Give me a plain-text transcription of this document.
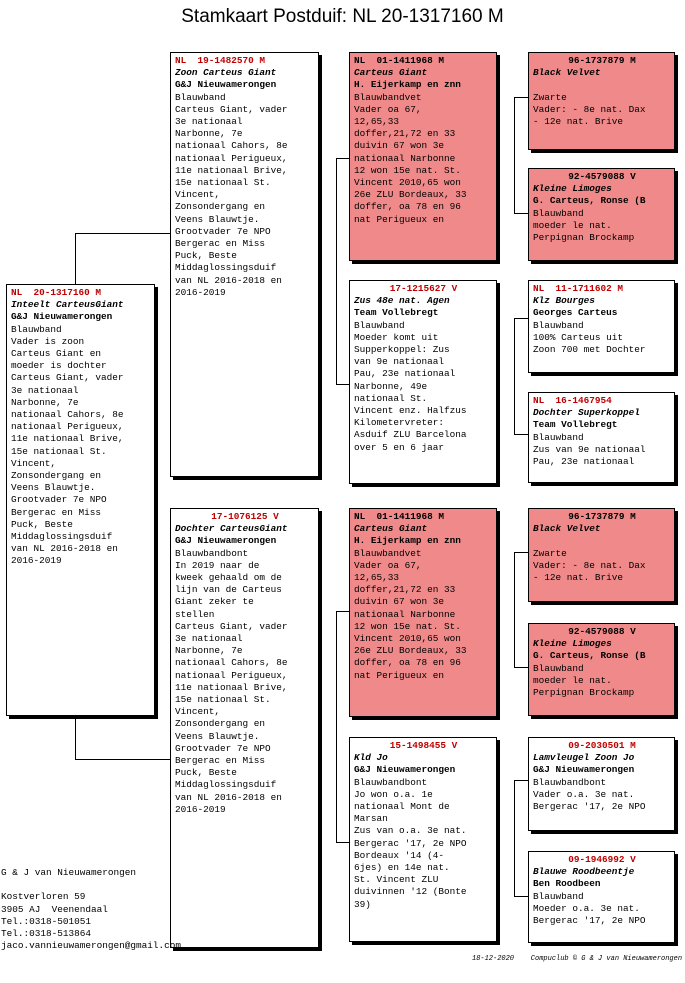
Stamkaart Postduif: NL 20-1317160 M
NL  20-1317160 M
Inteelt CarteusGiant
G&J Nieuwamerongen
Blauwband
Vader is zoon
Carteus Giant en
moeder is dochter
Carteus Giant, vader
3e nationaal
Narbonne, 7e
nationaal Cahors, 8e
nationaal Perigueux,
11e nationaal Brive,
15e nationaal St.
Vincent,
Zonsondergang en
Veens Blauwtje.
Grootvader 7e NPO
Bergerac en Miss
Puck, Beste
Middaglossingsduif
van NL 2016-2018 en
2016-2019
NL  19-1482570 M
Zoon Carteus Giant
G&J Nieuwamerongen
Blauwband
Carteus Giant, vader
3e nationaal
Narbonne, 7e
nationaal Cahors, 8e
nationaal Perigueux,
11e nationaal Brive,
15e nationaal St.
Vincent,
Zonsondergang en
Veens Blauwtje.
Grootvader 7e NPO
Bergerac en Miss
Puck, Beste
Middaglossingsduif
van NL 2016-2018 en
2016-2019
17-1076125 V
Dochter CarteusGiant
G&J Nieuwamerongen
Blauwbandbont
In 2019 naar de
kweek gehaald om de
lijn van de Carteus
Giant zeker te
stellen
Carteus Giant, vader
3e nationaal
Narbonne, 7e
nationaal Cahors, 8e
nationaal Perigueux,
11e nationaal Brive,
15e nationaal St.
Vincent,
Zonsondergang en
Veens Blauwtje.
Grootvader 7e NPO
Bergerac en Miss
Puck, Beste
Middaglossingsduif
van NL 2016-2018 en
2016-2019
NL  01-1411968 M
Carteus Giant
H. Eijerkamp en znn
Blauwbandvet
Vader oa 67,
12,65,33
doffer,21,72 en 33
duivin 67 won 3e
nationaal Narbonne
12 won 15e nat. St.
Vincent 2010,65 won
26e ZLU Bordeaux, 33
doffer, oa 78 en 96
nat Perigueux en
17-1215627 V
Zus 48e nat. Agen
Team Vollebregt
Blauwband
Moeder komt uit
Supperkoppel: Zus
van 9e nationaal
Pau, 23e nationaal
Narbonne, 49e
nationaal St.
Vincent enz. Halfzus
Kilometervreter:
Asduif ZLU Barcelona
over 5 en 6 jaar
NL  01-1411968 M
Carteus Giant
H. Eijerkamp en znn
Blauwbandvet
Vader oa 67,
12,65,33
doffer,21,72 en 33
duivin 67 won 3e
nationaal Narbonne
12 won 15e nat. St.
Vincent 2010,65 won
26e ZLU Bordeaux, 33
doffer, oa 78 en 96
nat Perigueux en
15-1498455 V
Kld Jo
G&J Nieuwamerongen
Blauwbandbont
Jo won o.a. 1e
nationaal Mont de
Marsan
Zus van o.a. 3e nat.
Bergerac '17, 2e NPO
Bordeaux '14 (4-
6jes) en 14e nat.
St. Vincent ZLU
duivinnen '12 (Bonte
39)
96-1737879 M
Black Velvet
Zwarte
Vader: - 8e nat. Dax
- 12e nat. Brive
92-4579088 V
Kleine Limoges
G. Carteus, Ronse (B
Blauwband
moeder le nat.
Perpignan Brockamp
NL  11-1711602 M
Klz Bourges
Georges Carteus
Blauwband
100% Carteus uit
Zoon 700 met Dochter
NL  16-1467954
Dochter Superkoppel
Team Vollebregt
Blauwband
Zus van 9e nationaal
Pau, 23e nationaal
96-1737879 M
Black Velvet
Zwarte
Vader: - 8e nat. Dax
- 12e nat. Brive
92-4579088 V
Kleine Limoges
G. Carteus, Ronse (B
Blauwband
moeder le nat.
Perpignan Brockamp
09-2030501 M
Lamvleugel Zoon Jo
G&J Nieuwamerongen
Blauwbandbont
Vader o.a. 3e nat.
Bergerac '17, 2e NPO
09-1946992 V
Blauwe Roodbeentje
Ben Roodbeen
Blauwband
Moeder o.a. 3e nat.
Bergerac '17, 2e NPO
G & J van Nieuwamerongen
Kostverloren 59
3905 AJ  Veenendaal
Tel.:0318-501051
Tel.:0318-513864
jaco.vannieuwamerongen@gmail.com
18-12-2020    Compuclub © G & J van Nieuwamerongen
